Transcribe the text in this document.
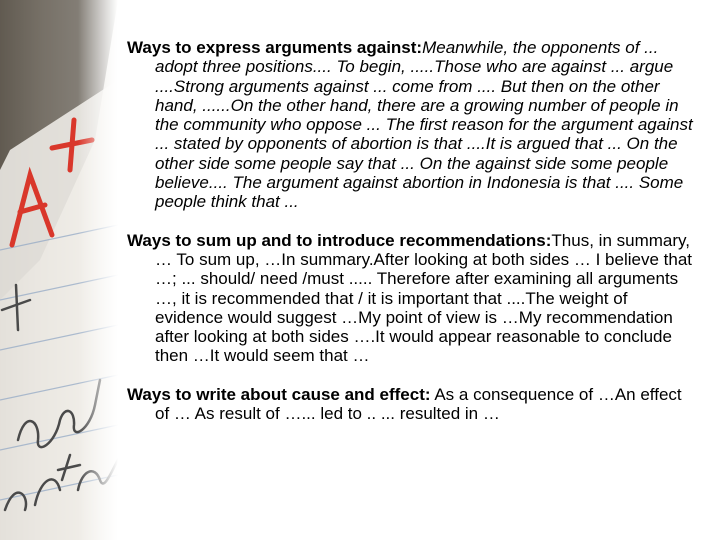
Ways to express arguments against:Meanwhile, the opponents of ... adopt three positions.... To begin, .....Those who are against ... argue ....Strong arguments against ... come from .... But then on the other hand, ......On the other hand, there are a growing number of people in the community who oppose ... The first reason for the argument against ... stated by opponents of abortion is that ....It is argued that ... On the other side some people say that ... On the against side some people believe.... The argument against abortion in Indonesia is that .... Some people think that ...

Ways to sum up and to introduce recommendations:Thus, in summary, … To sum up, …In summary.After looking at both sides … I believe that …; ... should/ need /must ..... Therefore after examining all arguments …, it is recommended that / it is important that ....The weight of evidence would suggest …My point of view is …My recommendation after looking at both sides ….It would appear reasonable to conclude then …It would seem that …

Ways to write about cause and effect: As a consequence of …An effect of … As result of …... led to .. ... resulted in …
